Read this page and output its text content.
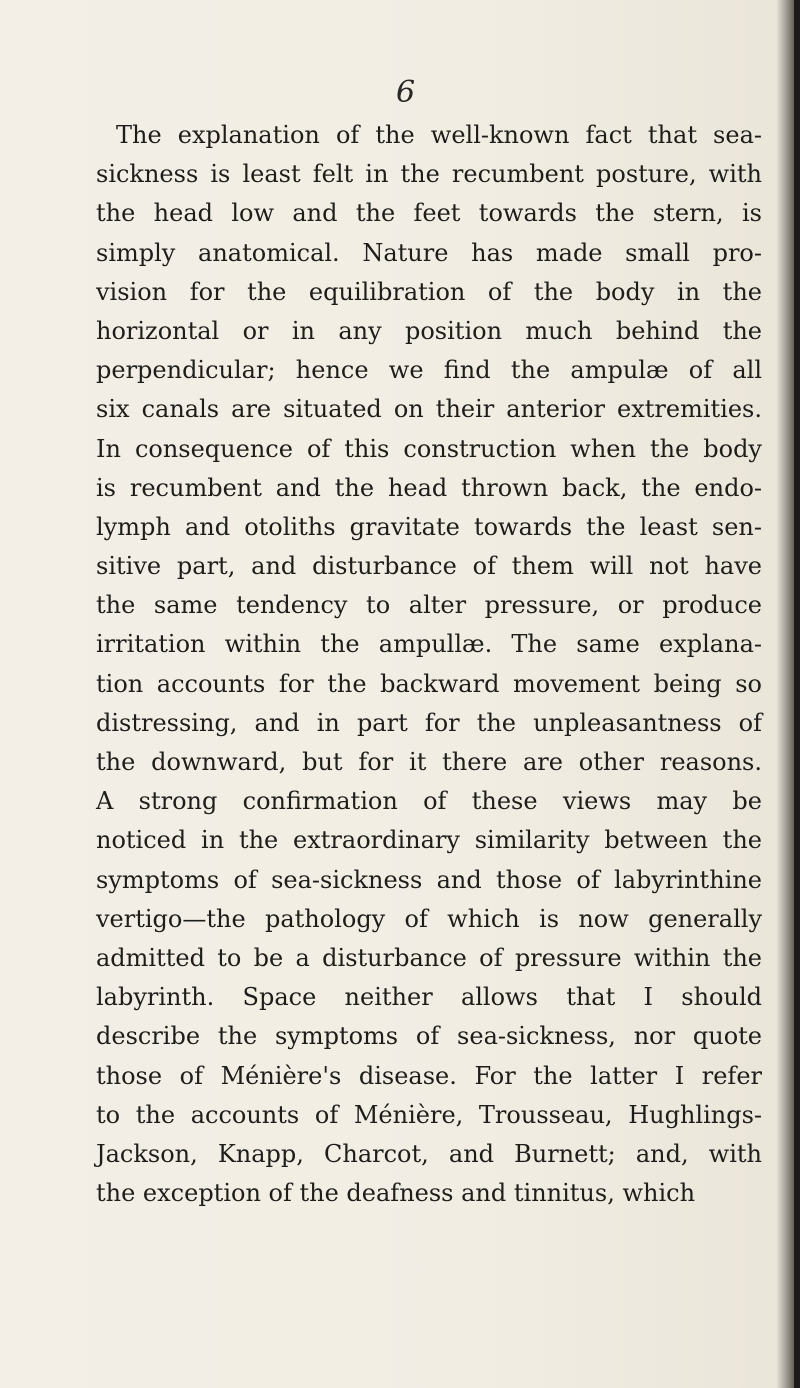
6
The explanation of the well-known fact that sea-
sickness is least felt in the recumbent posture, with
the head low and the feet towards the stern, is
simply anatomical. Nature has made small pro-
vision for the equilibration of the body in the
horizontal or in any position much behind the
perpendicular; hence we find the ampulæ of all
six canals are situated on their anterior extremities.
In consequence of this construction when the body
is recumbent and the head thrown back, the endo-
lymph and otoliths gravitate towards the least sen-
sitive part, and disturbance of them will not have
the same tendency to alter pressure, or produce
irritation within the ampullæ. The same explana-
tion accounts for the backward movement being so
distressing, and in part for the unpleasantness of
the downward, but for it there are other reasons.
A strong confirmation of these views may be
noticed in the extraordinary similarity between the
symptoms of sea-sickness and those of labyrinthine
vertigo—the pathology of which is now generally
admitted to be a disturbance of pressure within the
labyrinth. Space neither allows that I should
describe the symptoms of sea-sickness, nor quote
those of Ménière's disease. For the latter I refer
to the accounts of Ménière, Trousseau, Hughlings-
Jackson, Knapp, Charcot, and Burnett; and, with
the exception of the deafness and tinnitus, which
